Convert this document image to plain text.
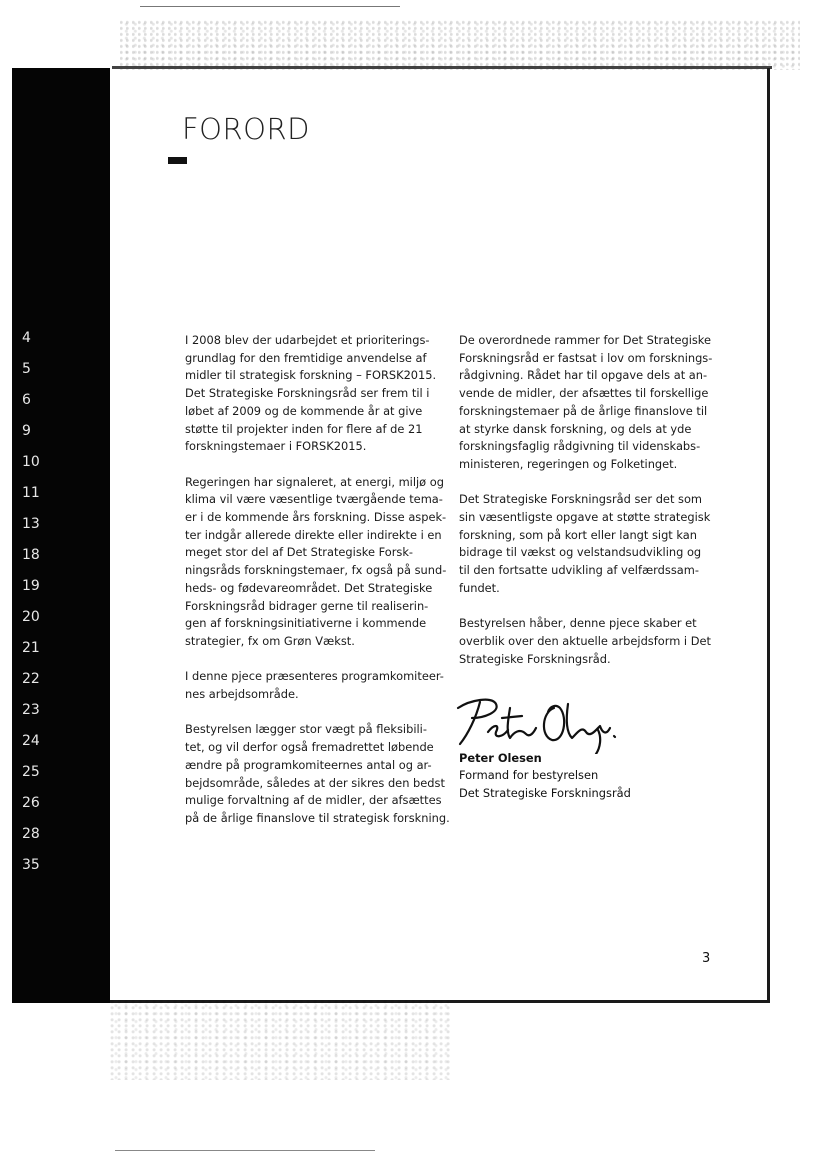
4
5
6
9
10
11
13
18
19
20
21
22
23
24
25
26
28
35
FORORD

I 2008 blev der udarbejdet et prioriterings-
grundlag for den fremtidige anvendelse af
midler til strategisk forskning – FORSK2015.
Det Strategiske Forskningsråd ser frem til i
løbet af 2009 og de kommende år at give
støtte til projekter inden for flere af de 21
forskningstemaer i FORSK2015.

Regeringen har signaleret, at energi, miljø og
klima vil være væsentlige tværgående tema-
er i de kommende års forskning. Disse aspek-
ter indgår allerede direkte eller indirekte i en
meget stor del af Det Strategiske Forsk-
ningsråds forskningstemaer, fx også på sund-
heds- og fødevareområdet. Det Strategiske
Forskningsråd bidrager gerne til realiserin-
gen af forskningsinitiativerne i kommende
strategier, fx om Grøn Vækst.

I denne pjece præsenteres programkomiteer-
nes arbejdsområde.

Bestyrelsen lægger stor vægt på fleksibili-
tet, og vil derfor også fremadrettet løbende
ændre på programkomiteernes antal og ar-
bejdsområde, således at der sikres den bedst
mulige forvaltning af de midler, der afsættes
på de årlige finanslove til strategisk forskning.

De overordnede rammer for Det Strategiske
Forskningsråd er fastsat i lov om forsknings-
rådgivning. Rådet har til opgave dels at an-
vende de midler, der afsættes til forskellige
forskningstemaer på de årlige finanslove til
at styrke dansk forskning, og dels at yde
forskningsfaglig rådgivning til videnskabs-
ministeren, regeringen og Folketinget.

Det Strategiske Forskningsråd ser det som
sin væsentligste opgave at støtte strategisk
forskning, som på kort eller langt sigt kan
bidrage til vækst og velstandsudvikling og
til den fortsatte udvikling af velfærdssam-
fundet.

Bestyrelsen håber, denne pjece skaber et
overblik over den aktuelle arbejdsform i Det
Strategiske Forskningsråd.

Peter Olesen
Peter Olesen
Formand for bestyrelsen
Det Strategiske Forskningsråd
3
